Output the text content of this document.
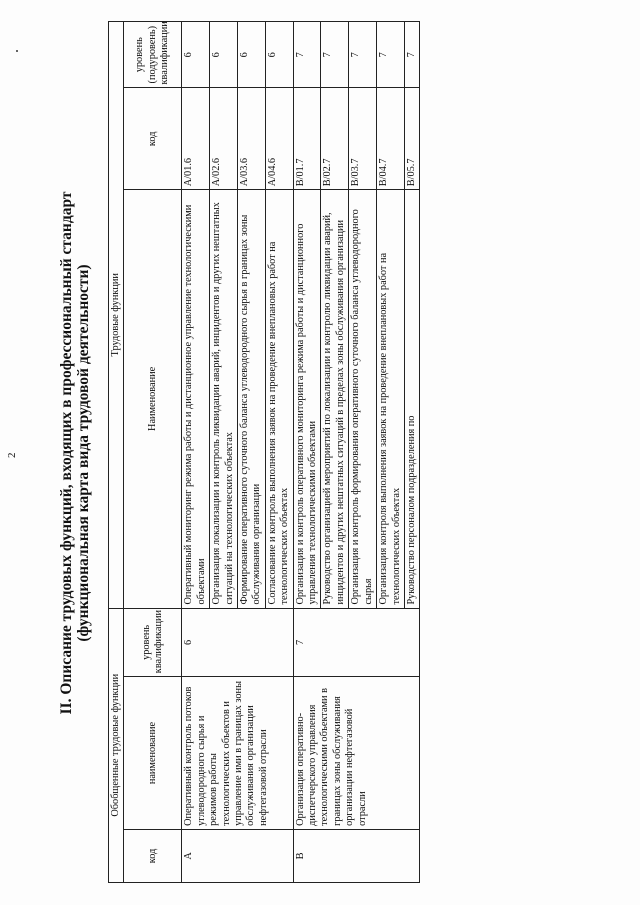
2	II. Описание трудовых функций, входящих в профессиональный стандарт (функциональная карта вида трудовой деятельности)
Обобщенные трудовые функции			Трудовые функции		
код	наименование	уровень квалификации	Наименование	код	уровень (подуровень) квалификации
А	Оперативный контроль потоков углеводородного сырья и режимов работы технологических объектов и управление ими в границах зоны обслуживания организации нефтегазовой отрасли	6	Оперативный мониторинг режима работы и дистанционное управление технологическими объектами	А/01.6	6
			Организация локализации и контроль ликвидации аварий, инцидентов и других нештатных ситуаций на технологических объектах	А/02.6	6
			Формирование оперативного суточного баланса углеводородного сырья в границах зоны обслуживания организации	А/03.6	6
			Согласование и контроль выполнения заявок на проведение внеплановых работ на технологических объектах	А/04.6	6
В	Организация оперативно-диспетчерского управления технологическими объектами в границах зоны обслуживания организации нефтегазовой отрасли	7	Организация и контроль оперативного мониторинга режима работы и дистанционного управления технологическими объектами	В/01.7	7
			Руководство организацией мероприятий по локализации и контролю ликвидации аварий, инцидентов и других нештатных ситуаций в пределах зоны обслуживания организации	В/02.7	7
			Организация и контроль формирования оперативного суточного баланса углеводородного сырья	В/03.7	7
			Организация контроля выполнения заявок на проведение внеплановых работ на технологических объектах	В/04.7	7
			Руководство персоналом подразделения по	В/05.7	7
